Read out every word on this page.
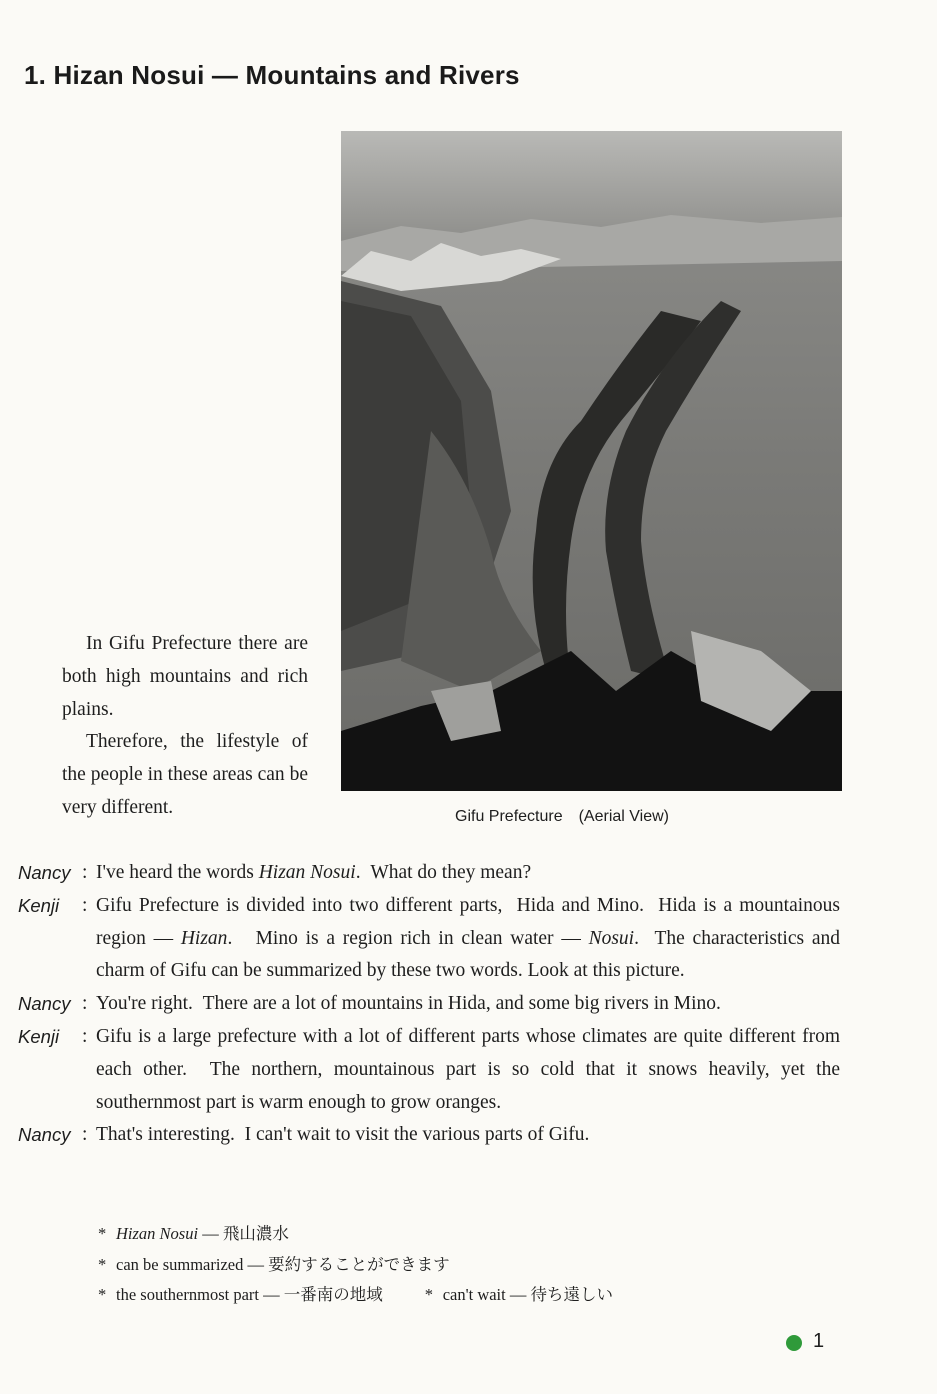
1. Hizan Nosui — Mountains and Rivers
Gifu Prefecture　(Aerial View)

In Gifu Prefecture there are both high mountains and rich plains.

Therefore, the lifestyle of the people in these areas can be very different.

Nancy : I've heard the words Hizan Nosui.  What do they mean?
Kenji	: Gifu Prefecture is divided into two different parts,  Hida and Mino.  Hida is a mountainous region — Hizan.   Mino is a region rich in clean water — Nosui.  The characteristics and charm of Gifu can be summarized by these two words. Look at this picture.
Nancy : You're right.  There are a lot of mountains in Hida, and some big rivers in Mino.
Kenji	: Gifu is a large prefecture with a lot of different parts whose climates are quite different from each other.  The northern, mountainous part is so cold that it snows heavily, yet the southernmost part is warm enough to grow oranges.
Nancy : That's interesting.  I can't wait to visit the various parts of Gifu.
* Hizan Nosui — 飛山濃水
* can be summarized — 要約することができます
* the southernmost part — 一番南の地域	* can't wait — 待ち遠しい
1
